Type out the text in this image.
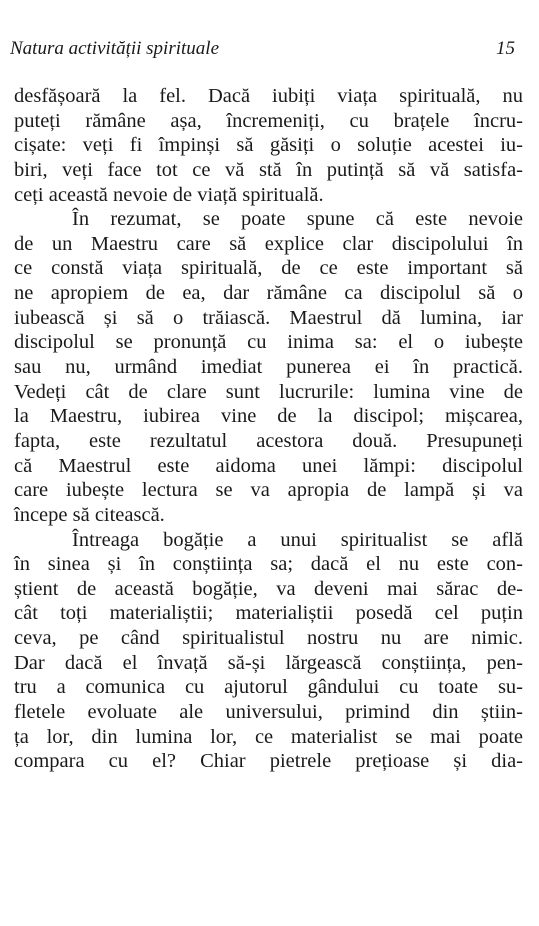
Natura activității spirituale	15
desfășoară la fel. Dacă iubiți viața spirituală, nu
puteți rămâne așa, încremeniți, cu brațele încru-
cișate: veți fi împinși să găsiți o soluție acestei iu-
biri, veți face tot ce vă stă în putință să vă satisfa-
ceți această nevoie de viață spirituală.
În rezumat, se poate spune că este nevoie
de un Maestru care să explice clar discipolului în
ce constă viața spirituală, de ce este important să
ne apropiem de ea, dar rămâne ca discipolul să o
iubească și să o trăiască. Maestrul dă lumina, iar
discipolul se pronunță cu inima sa: el o iubește
sau nu, urmând imediat punerea ei în practică.
Vedeți cât de clare sunt lucrurile: lumina vine de
la Maestru, iubirea vine de la discipol; mișcarea,
fapta, este rezultatul acestora două. Presupuneți
că Maestrul este aidoma unei lămpi: discipolul
care iubește lectura se va apropia de lampă și va
începe să citească.
Întreaga bogăție a unui spiritualist se află
în sinea și în conștiința sa; dacă el nu este con-
știent de această bogăție, va deveni mai sărac de-
cât toți materialiștii; materialiștii posedă cel puțin
ceva, pe când spiritualistul nostru nu are nimic.
Dar dacă el învață să-și lărgească conștiința, pen-
tru a comunica cu ajutorul gândului cu toate su-
fletele evoluate ale universului, primind din știin-
ța lor, din lumina lor, ce materialist se mai poate
compara cu el? Chiar pietrele prețioase și dia-
